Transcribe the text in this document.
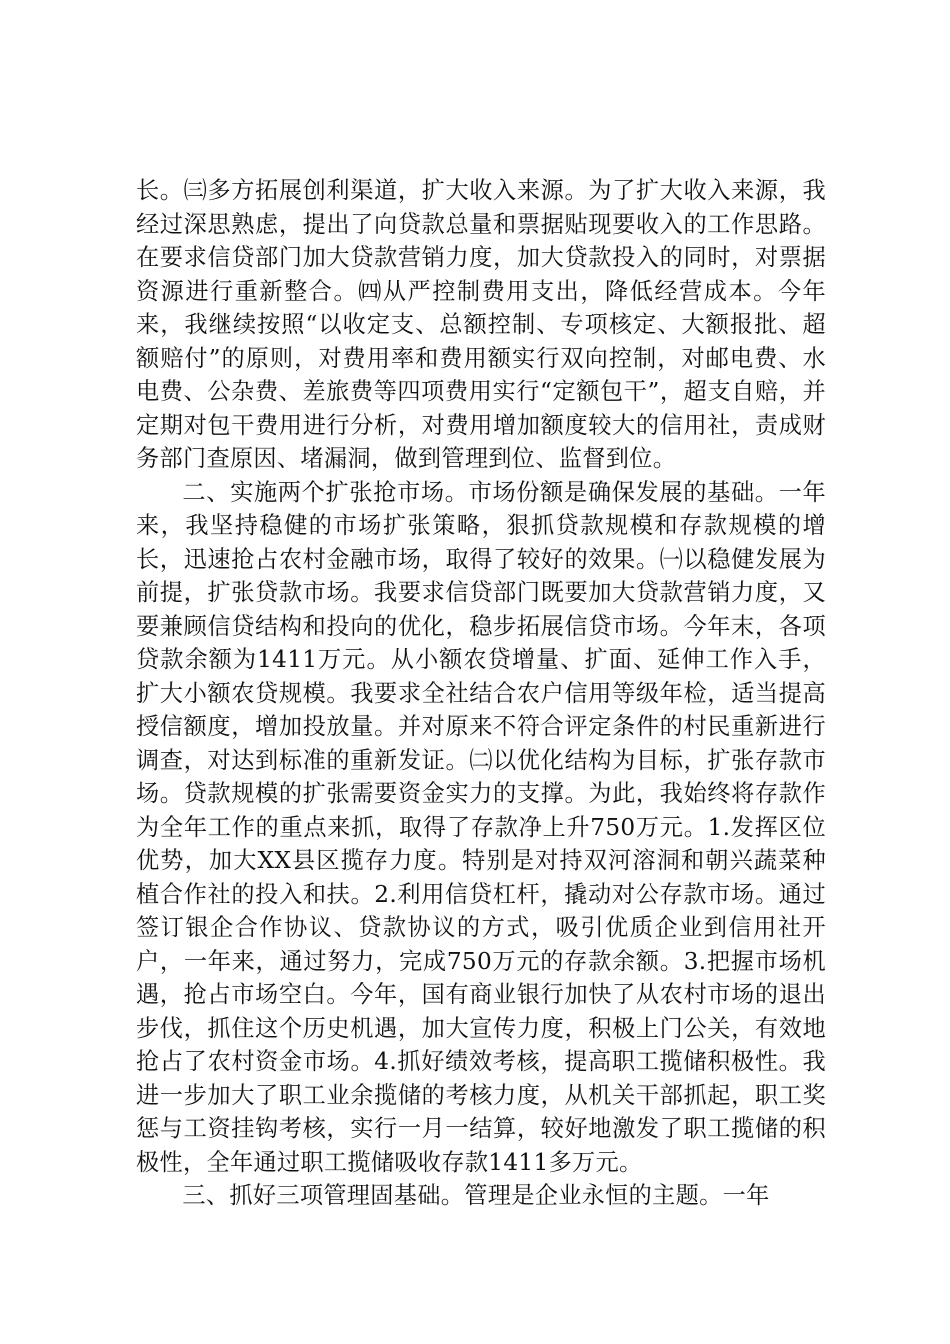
长。㈢多方拓展创利渠道，扩大收入来源。为了扩大收入来源，我经过深思熟虑，提出了向贷款总量和票据贴现要收入的工作思路。在要求信贷部门加大贷款营销力度，加大贷款投入的同时，对票据资源进行重新整合。㈣从严控制费用支出，降低经营成本。今年来，我继续按照“以收定支、总额控制、专项核定、大额报批、超额赔付”的原则，对费用率和费用额实行双向控制，对邮电费、水电费、公杂费、差旅费等四项费用实行“定额包干”，超支自赔，并定期对包干费用进行分析，对费用增加额度较大的信用社，责成财务部门查原因、堵漏洞，做到管理到位、监督到位。

二、实施两个扩张抢市场。市场份额是确保发展的基础。一年来，我坚持稳健的市场扩张策略，狠抓贷款规模和存款规模的增长，迅速抢占农村金融市场，取得了较好的效果。㈠以稳健发展为前提，扩张贷款市场。我要求信贷部门既要加大贷款营销力度，又要兼顾信贷结构和投向的优化，稳步拓展信贷市场。今年末，各项贷款余额为1411万元。从小额农贷增量、扩面、延伸工作入手，扩大小额农贷规模。我要求全社结合农户信用等级年检，适当提高授信额度，增加投放量。并对原来不符合评定条件的村民重新进行调查，对达到标准的重新发证。㈡以优化结构为目标，扩张存款市场。贷款规模的扩张需要资金实力的支撑。为此，我始终将存款作为全年工作的重点来抓，取得了存款净上升750万元。1.发挥区位优势，加大XX县区揽存力度。特别是对持双河溶洞和朝兴蔬菜种植合作社的投入和扶。2.利用信贷杠杆，撬动对公存款市场。通过签订银企合作协议、贷款协议的方式，吸引优质企业到信用社开户，一年来，通过努力，完成750万元的存款余额。3.把握市场机遇，抢占市场空白。今年，国有商业银行加快了从农村市场的退出步伐，抓住这个历史机遇，加大宣传力度，积极上门公关，有效地抢占了农村资金市场。4.抓好绩效考核，提高职工揽储积极性。我进一步加大了职工业余揽储的考核力度，从机关干部抓起，职工奖惩与工资挂钩考核，实行一月一结算，较好地激发了职工揽储的积极性，全年通过职工揽储吸收存款1411多万元。

三、抓好三项管理固基础。管理是企业永恒的主题。一年
